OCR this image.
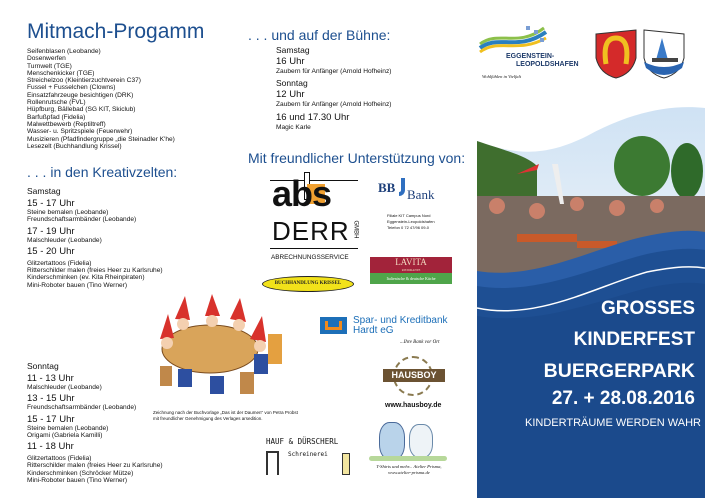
Mitmach-Progamm
Seifenblasen (Leobande)
Dosenwerfen
Turnwelt (TGE)
Menschenkicker (TGE)
Streichelzoo (Kleintierzuchtverein C37)
Fussel + Fusselchen (Clowns)
Einsatzfahrzeuge besichtigen (DRK)
Rollenrutsche (FVL)
Hüpfburg, Bällebad (SG KIT, Skiclub)
Barfußpfad (Fidelia)
Malwettbewerb (Reptiltreff)
Wasser- u. Spritzspiele (Feuerwehr)
Musizieren (Pfadfindergruppe „die Steinadler K'he)
Lesezelt (Buchhandlung Krissel)
. . . in den Kreativzelten:
Samstag
15 - 17 Uhr
Steine bemalen (Leobande)
Freundschaftsarmbänder (Leobande)
17 - 19 Uhr
Malschleuder (Leobande)
15 - 20 Uhr
Glitzertattoos (Fidelia)
Ritterschilder malen (freies Heer zu Karlsruhe)
Kinderschminken (ev. Kita Rheinpiraten)
Mini-Roboter bauen (Tino Werner)
Sonntag
11 - 13 Uhr
Malschleuder (Leobande)
13 - 15 Uhr
Freundschaftsarmbänder (Leobande)
15 - 17 Uhr
Steine bemalen (Leobande)
Origami (Gabriela Kamilli)
11 - 18 Uhr
Glitzertattoos (Fidelia)
Ritterschilder malen (freies Heer zu Karlsruhe)
Kinderschminken (Schröcker Mütze)
Mini-Roboter bauen (Tino Werner)
. . . und auf der Bühne:
Samstag
16 Uhr
Zaubern für Anfänger (Arnold Hofheinz)
Sonntag
12 Uhr
Zaubern für Anfänger (Arnold Hofheinz)
16 und 17.30 Uhr
Magic Karle
Mit freundlicher Unterstützung von:
abs
DERR GMBH
ABRECHNUNGSSERVICE
BB Bank
Filiale KIT Campus Nord
Eggenstein-Leopoldshafen
Telefon 0 72 47/96 09-0
BUCHHANDLUNG KRISSEL
LAVITA
RISTORANTE
Italienische & deutsche Küche
Spar- und Kreditbank
Hardt eG
...Ihre Bank vor Ort
HAUSBOY
www.hausboy.de
HAUF & DÜRSCHERL
Schreinerei
T-Shirts und mehr... Atelier Prisma,
www.atelier-prisma.de
Zeichnung nach der Buchvorlage „Das ist der Daumen" von Petra Probst
mit freundlicher Genehmigung des Verlages arsedition.
EGGENSTEIN-
LEOPOLDSHAFEN
Wohlfühlen in Vielfalt
GROSSES
KINDERFEST
BUERGERPARK
27. + 28.08.2016
KINDERTRÄUME WERDEN WAHR
